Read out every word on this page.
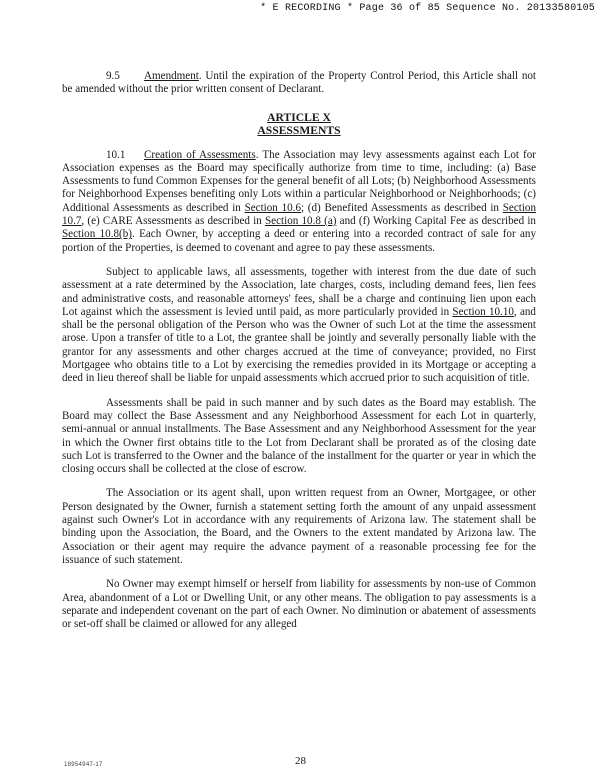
* E RECORDING * Page 36 of 85 Sequence No. 20133580105

9.5 Amendment. Until the expiration of the Property Control Period, this Article shall not be amended without the prior written consent of Declarant.

ARTICLE X
ASSESSMENTS

10.1 Creation of Assessments. The Association may levy assessments against each Lot for Association expenses as the Board may specifically authorize from time to time, including: (a) Base Assessments to fund Common Expenses for the general benefit of all Lots; (b) Neighborhood Assessments for Neighborhood Expenses benefiting only Lots within a particular Neighborhood or Neighborhoods; (c) Additional Assessments as described in Section 10.6; (d) Benefited Assessments as described in Section 10.7, (e) CARE Assessments as described in Section 10.8 (a) and (f) Working Capital Fee as described in Section 10.8(b). Each Owner, by accepting a deed or entering into a recorded contract of sale for any portion of the Properties, is deemed to covenant and agree to pay these assessments.

Subject to applicable laws, all assessments, together with interest from the due date of such assessment at a rate determined by the Association, late charges, costs, including demand fees, lien fees and administrative costs, and reasonable attorneys' fees, shall be a charge and continuing lien upon each Lot against which the assessment is levied until paid, as more particularly provided in Section 10.10, and shall be the personal obligation of the Person who was the Owner of such Lot at the time the assessment arose. Upon a transfer of title to a Lot, the grantee shall be jointly and severally personally liable with the grantor for any assessments and other charges accrued at the time of conveyance; provided, no First Mortgagee who obtains title to a Lot by exercising the remedies provided in its Mortgage or accepting a deed in lieu thereof shall be liable for unpaid assessments which accrued prior to such acquisition of title.

Assessments shall be paid in such manner and by such dates as the Board may establish. The Board may collect the Base Assessment and any Neighborhood Assessment for each Lot in quarterly, semi-annual or annual installments. The Base Assessment and any Neighborhood Assessment for the year in which the Owner first obtains title to the Lot from Declarant shall be prorated as of the closing date such Lot is transferred to the Owner and the balance of the installment for the quarter or year in which the closing occurs shall be collected at the close of escrow.

The Association or its agent shall, upon written request from an Owner, Mortgagee, or other Person designated by the Owner, furnish a statement setting forth the amount of any unpaid assessment against such Owner's Lot in accordance with any requirements of Arizona law. The statement shall be binding upon the Association, the Board, and the Owners to the extent mandated by Arizona law. The Association or their agent may require the advance payment of a reasonable processing fee for the issuance of such statement.

No Owner may exempt himself or herself from liability for assessments by non-use of Common Area, abandonment of a Lot or Dwelling Unit, or any other means. The obligation to pay assessments is a separate and independent covenant on the part of each Owner. No diminution or abatement of assessments or set-off shall be claimed or allowed for any alleged

18954947-17	28
